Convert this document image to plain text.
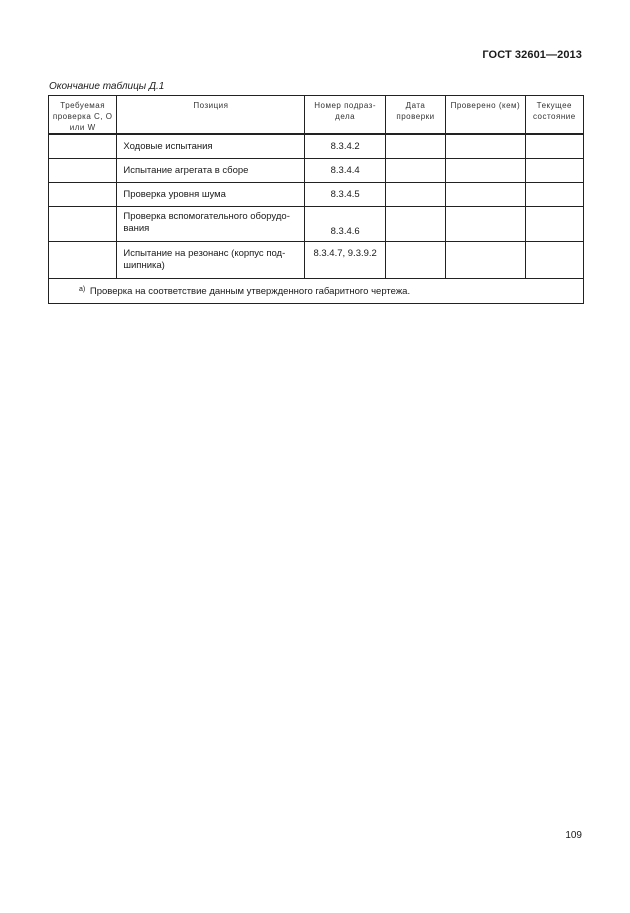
ГОСТ 32601—2013
Окончание таблицы Д.1
Требуемая проверка С, О или W	Позиция	Номер подраз-дела	Дата проверки	Проверено (кем)	Текущее состояние
	Ходовые испытания	8.3.4.2			
	Испытание агрегата в сборе	8.3.4.4			
	Проверка уровня шума	8.3.4.5			
	Проверка вспомогательного оборудо-вания	8.3.4.6			
	Испытание на резонанс (корпус под-шипника)	8.3.4.7, 9.3.9.2			
$^{а)}$ Проверка на соответствие данным утвержденного габаритного чертежа.					
109
